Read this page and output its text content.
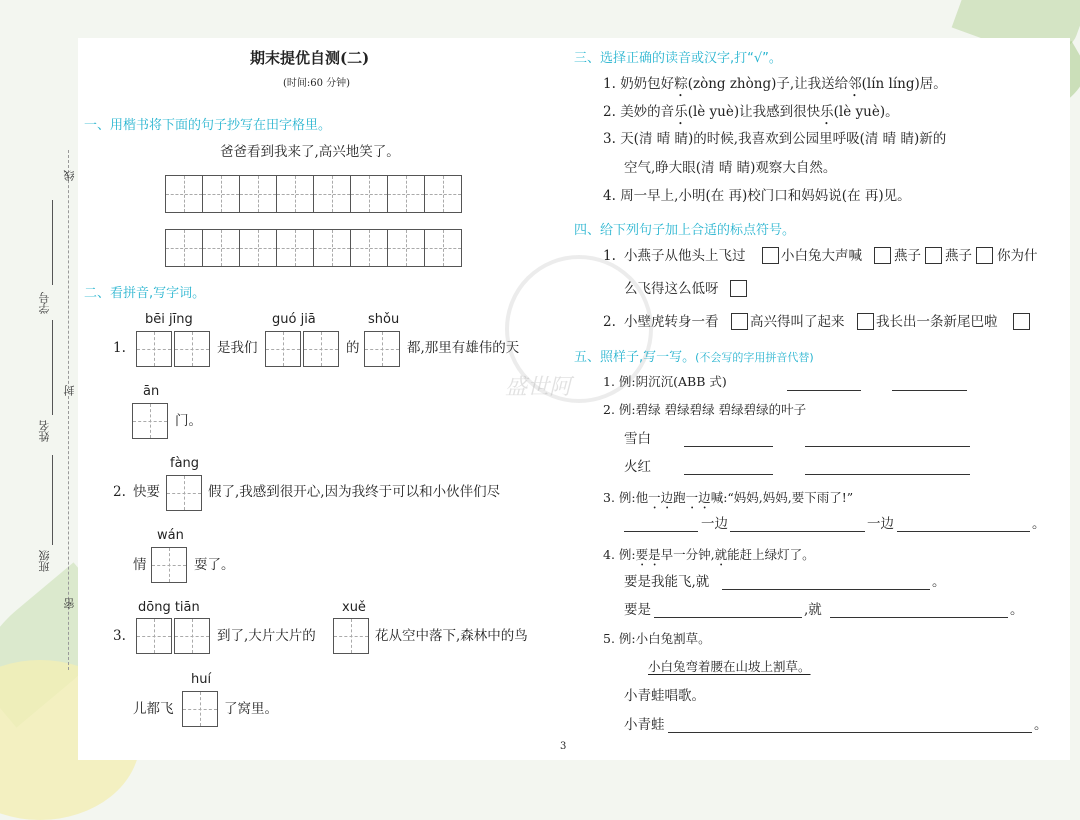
线
封
密
学号
姓名
班级
盛世阿
期末提优自测(二)
(时间:60 分钟)
一、用楷书将下面的句子抄写在田字格里。
爸爸看到我来了,高兴地笑了。
二、看拼音,写字词。
bēi jīng	guó jiā	shǒu
1.	是我们	的	都,那里有雄伟的天
ān
门。
fàng
2. 快要	假了,我感到很开心,因为我终于可以和小伙伴们尽
wán
情	耍了。
dōng tiān	xuě
3.	到了,大片大片的	花从空中落下,森林中的鸟
huí
儿都飞	了窝里。
三、选择正确的读音或汉字,打“√”。
1. 奶奶包好粽(zòng zhòng)子,让我送给邻(lín líng)居。
2. 美妙的音乐(lè yuè)让我感到很快乐(lè yuè)。
3. 天(清 晴 睛)的时候,我喜欢到公园里呼吸(清 晴 睛)新的
空气,睁大眼(清 晴 睛)观察大自然。
4. 周一早上,小明(在 再)校门口和妈妈说(在 再)见。
四、给下列句子加上合适的标点符号。
1. 小燕子从他头上飞过	小白兔大声喊 燕子 燕子 你为什
么飞得这么低呀
2. 小壁虎转身一看 高兴得叫了起来 我长出一条新尾巴啦
五、照样子,写一写。(不会写的字用拼音代替)
1. 例:阴沉沉(ABB 式)
2. 例:碧绿 碧绿碧绿 碧绿碧绿的叶子
雪白
火红
3. 例:他一边跑一边喊:“妈妈,妈妈,要下雨了!”
一边	一边	。
4. 例:要是早一分钟,就能赶上绿灯了。
要是我能飞,就	。
要是	,就	。
5. 例:小白兔割草。
小白兔弯着腰在山坡上割草。
小青蛙唱歌。
小青蛙	。
3
